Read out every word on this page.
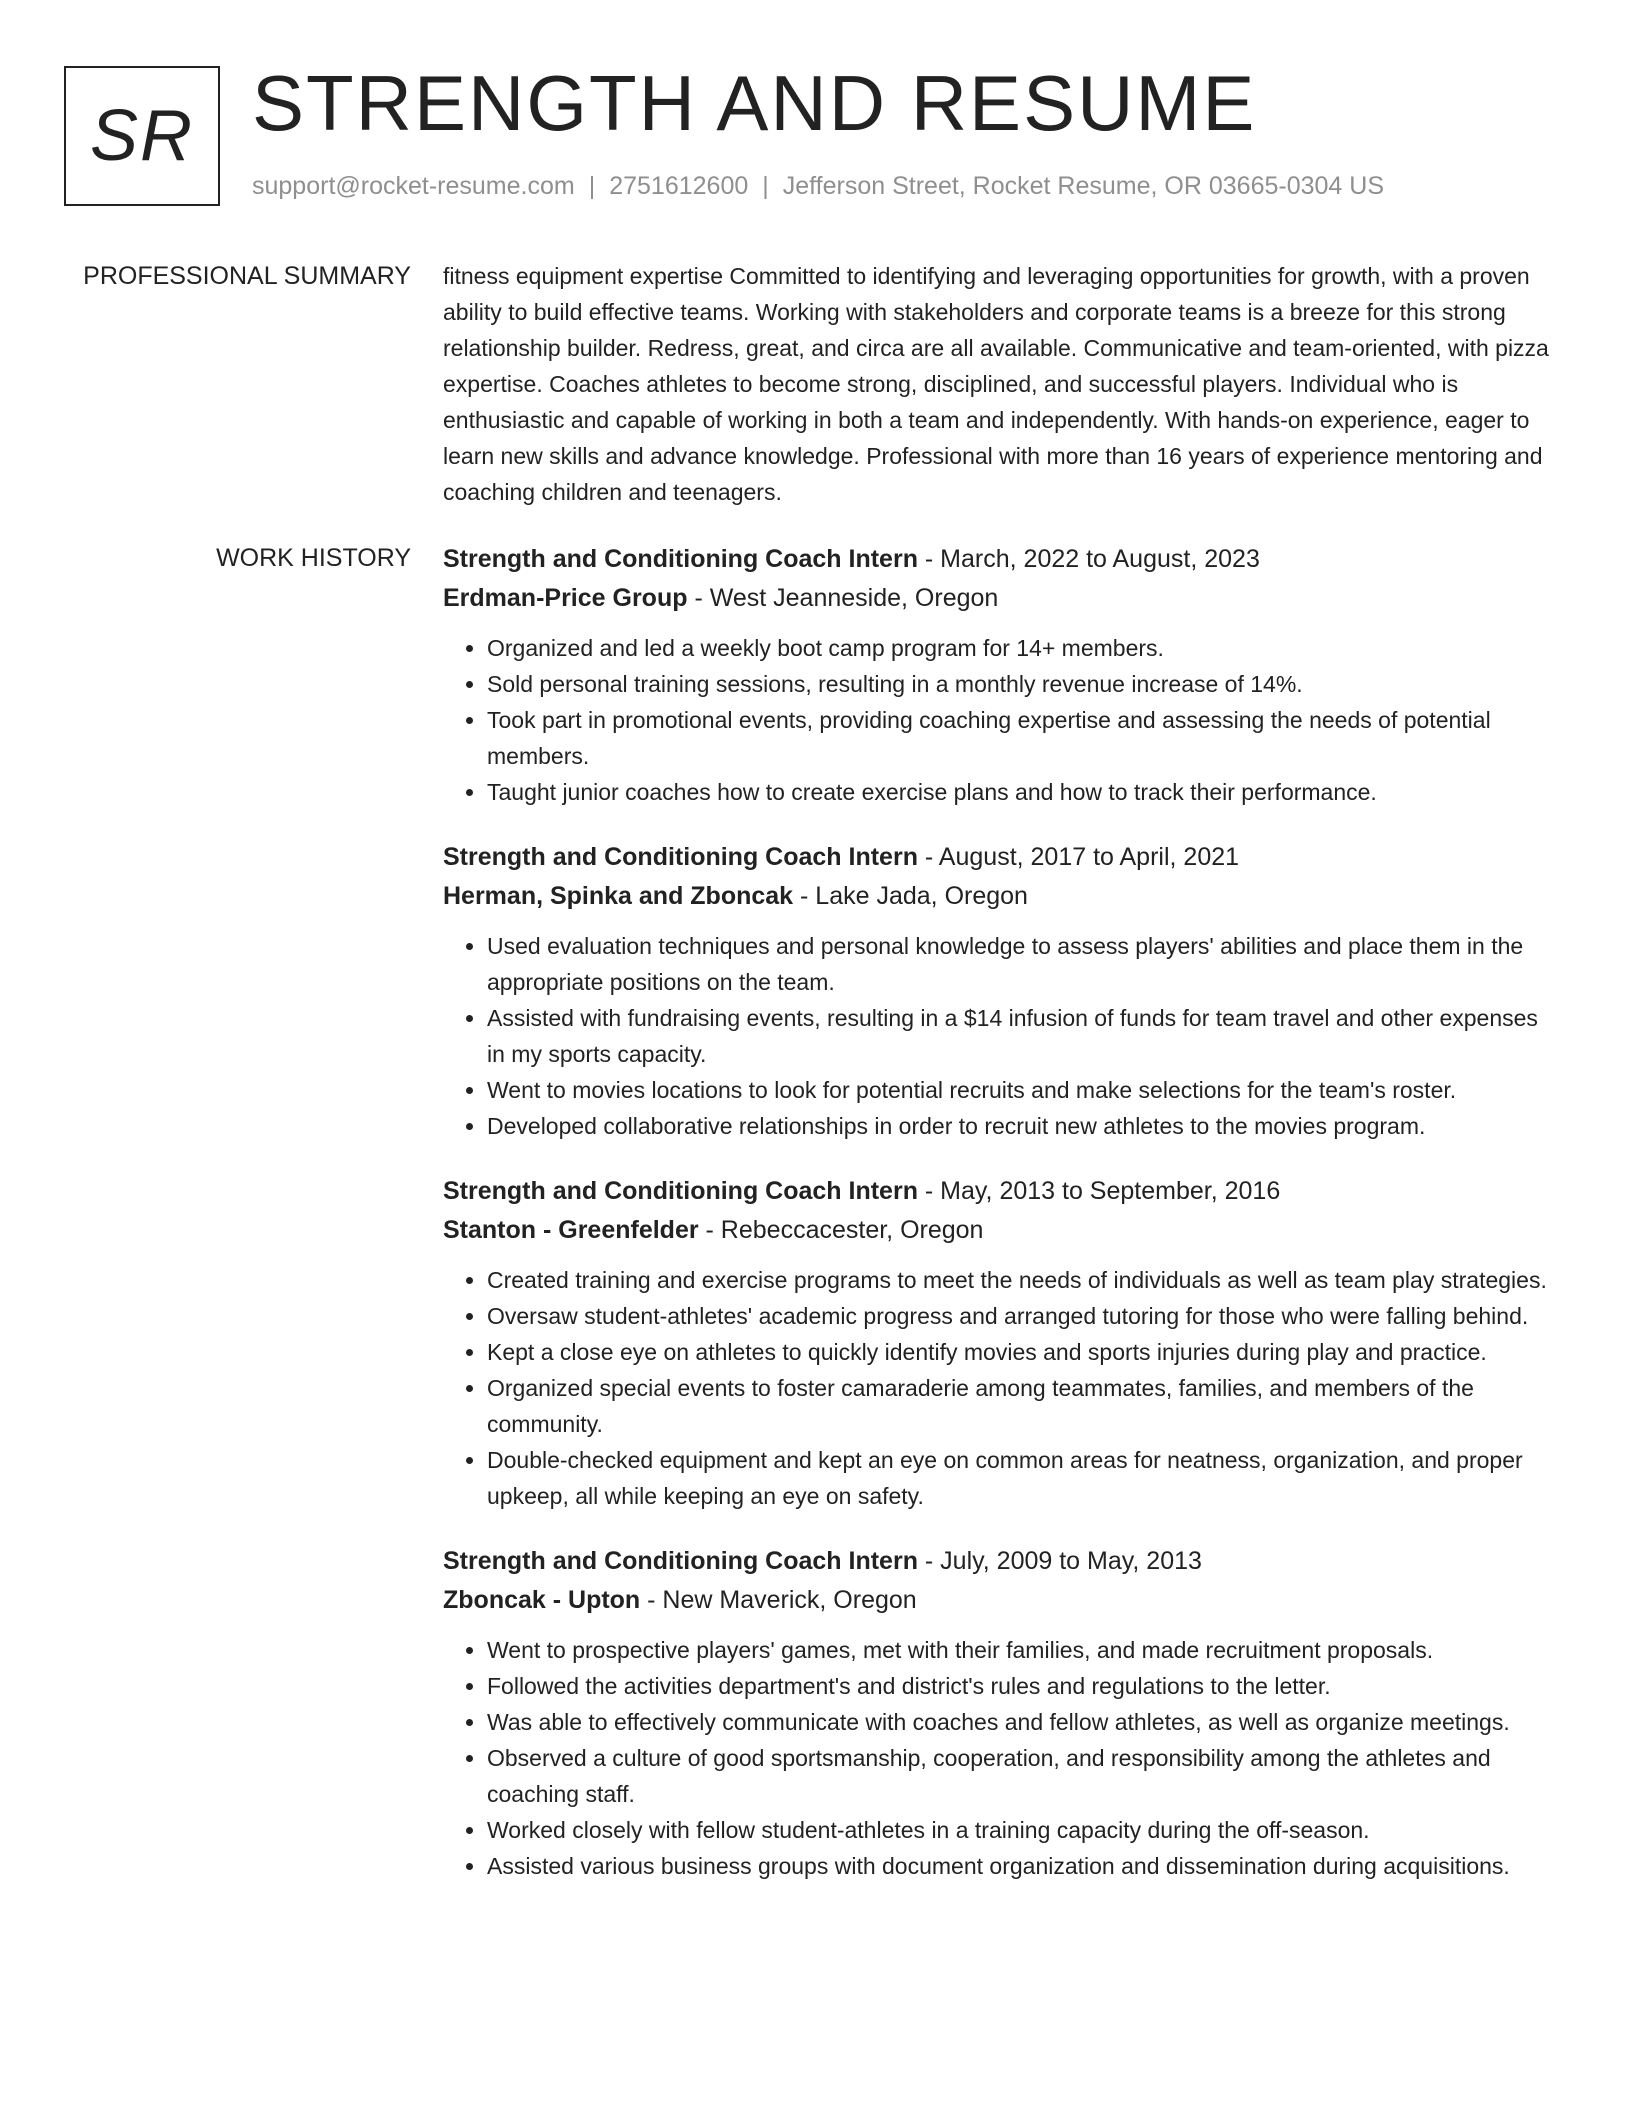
SR STRENGTH AND RESUME
support@rocket-resume.com | 2751612600 | Jefferson Street, Rocket Resume, OR 03665-0304 US
PROFESSIONAL SUMMARY fitness equipment expertise Committed to identifying and leveraging opportunities for growth, with a proven ability to build effective teams. Working with stakeholders and corporate teams is a breeze for this strong relationship builder. Redress, great, and circa are all available. Communicative and team-oriented, with pizza expertise. Coaches athletes to become strong, disciplined, and successful players. Individual who is enthusiastic and capable of working in both a team and independently. With hands-on experience, eager to learn new skills and advance knowledge. Professional with more than 16 years of experience mentoring and coaching children and teenagers.

WORK HISTORY Strength and Conditioning Coach Intern - March, 2022 to August, 2023
Erdman-Price Group - West Jeanneside, Oregon
• Organized and led a weekly boot camp program for 14+ members.
• Sold personal training sessions, resulting in a monthly revenue increase of 14%.
• Took part in promotional events, providing coaching expertise and assessing the needs of potential members.
• Taught junior coaches how to create exercise plans and how to track their performance.
Strength and Conditioning Coach Intern - August, 2017 to April, 2021
Herman, Spinka and Zboncak - Lake Jada, Oregon
• Used evaluation techniques and personal knowledge to assess players' abilities and place them in the appropriate positions on the team.
• Assisted with fundraising events, resulting in a $14 infusion of funds for team travel and other expenses in my sports capacity.
• Went to movies locations to look for potential recruits and make selections for the team's roster.
• Developed collaborative relationships in order to recruit new athletes to the movies program.
Strength and Conditioning Coach Intern - May, 2013 to September, 2016
Stanton - Greenfelder - Rebeccacester, Oregon
• Created training and exercise programs to meet the needs of individuals as well as team play strategies.
• Oversaw student-athletes' academic progress and arranged tutoring for those who were falling behind.
• Kept a close eye on athletes to quickly identify movies and sports injuries during play and practice.
• Organized special events to foster camaraderie among teammates, families, and members of the community.
• Double-checked equipment and kept an eye on common areas for neatness, organization, and proper upkeep, all while keeping an eye on safety.
Strength and Conditioning Coach Intern - July, 2009 to May, 2013
Zboncak - Upton - New Maverick, Oregon
• Went to prospective players' games, met with their families, and made recruitment proposals.
• Followed the activities department's and district's rules and regulations to the letter.
• Was able to effectively communicate with coaches and fellow athletes, as well as organize meetings.
• Observed a culture of good sportsmanship, cooperation, and responsibility among the athletes and coaching staff.
• Worked closely with fellow student-athletes in a training capacity during the off-season.
• Assisted various business groups with document organization and dissemination during acquisitions.
